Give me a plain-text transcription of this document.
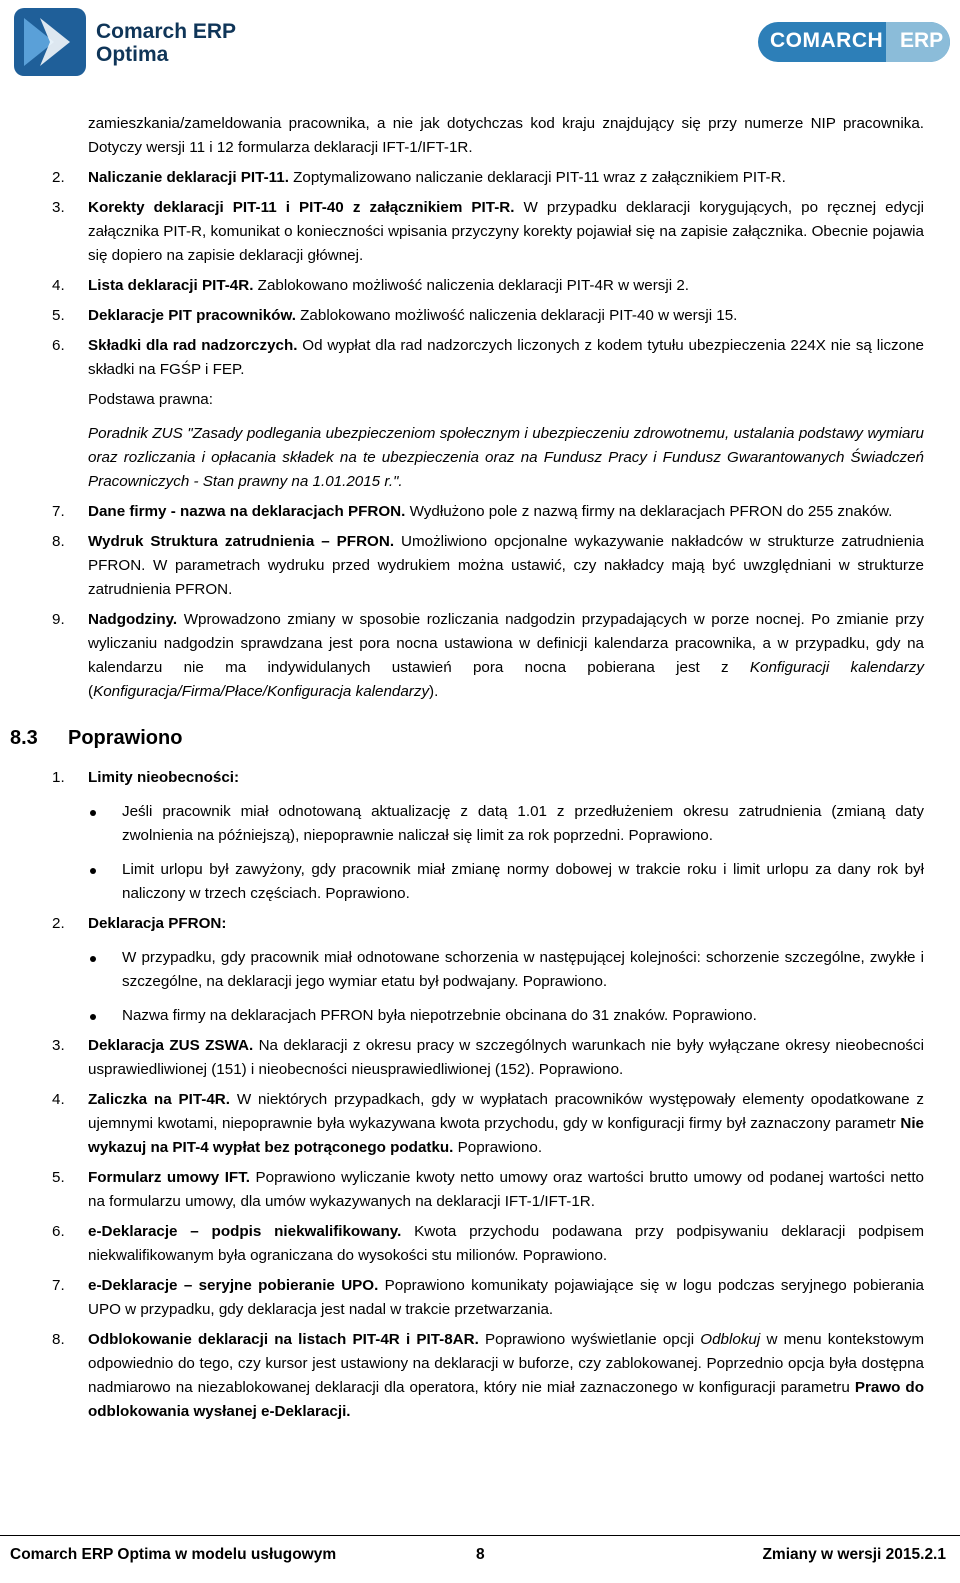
Comarch ERP
Optima
COMARCH ERP

zamieszkania/zameldowania pracownika, a nie jak dotychczas kod kraju znajdujący się przy numerze NIP pracownika. Dotyczy wersji 11 i 12 formularza deklaracji IFT-1/IFT-1R.

2. Naliczanie deklaracji PIT-11. Zoptymalizowano naliczanie deklaracji PIT-11 wraz z załącznikiem PIT-R.

3. Korekty deklaracji PIT-11 i PIT-40 z załącznikiem PIT-R. W przypadku deklaracji korygujących, po ręcznej edycji załącznika PIT-R, komunikat o konieczności wpisania przyczyny korekty pojawiał się na zapisie załącznika. Obecnie pojawia się dopiero na zapisie deklaracji głównej.

4. Lista deklaracji PIT-4R. Zablokowano możliwość naliczenia deklaracji PIT-4R w wersji 2.

5. Deklaracje PIT pracowników. Zablokowano możliwość naliczenia deklaracji PIT-40 w wersji 15.

6. Składki dla rad nadzorczych. Od wypłat dla rad nadzorczych liczonych z kodem tytułu ubezpieczenia 224X nie są liczone składki na FGŚP i FEP.

Podstawa prawna:

Poradnik ZUS "Zasady podlegania ubezpieczeniom społecznym i ubezpieczeniu zdrowotnemu, ustalania podstawy wymiaru oraz rozliczania i opłacania składek na te ubezpieczenia oraz na Fundusz Pracy i Fundusz Gwarantowanych Świadczeń Pracowniczych - Stan prawny na 1.01.2015 r.".

7. Dane firmy - nazwa na deklaracjach PFRON. Wydłużono pole z nazwą firmy na deklaracjach PFRON do 255 znaków.

8. Wydruk Struktura zatrudnienia – PFRON. Umożliwiono opcjonalne wykazywanie nakładców w strukturze zatrudnienia PFRON. W parametrach wydruku przed wydrukiem można ustawić, czy nakładcy mają być uwzględniani w strukturze zatrudnienia PFRON.

9. Nadgodziny. Wprowadzono zmiany w sposobie rozliczania nadgodzin przypadających w porze nocnej. Po zmianie przy wyliczaniu nadgodzin sprawdzana jest pora nocna ustawiona w definicji kalendarza pracownika, a w przypadku, gdy na kalendarzu nie ma indywidulanych ustawień pora nocna pobierana jest z Konfiguracji kalendarzy (Konfiguracja/Firma/Płace/Konfiguracja kalendarzy).

8.3 Poprawiono

1. Limity nieobecności:

Jeśli pracownik miał odnotowaną aktualizację z datą 1.01 z przedłużeniem okresu zatrudnienia (zmianą daty zwolnienia na późniejszą), niepoprawnie naliczał się limit za rok poprzedni. Poprawiono.

Limit urlopu był zawyżony, gdy pracownik miał zmianę normy dobowej w trakcie roku i limit urlopu za dany rok był naliczony w trzech częściach. Poprawiono.

2. Deklaracja PFRON:

W przypadku, gdy pracownik miał odnotowane schorzenia w następującej kolejności: schorzenie szczególne, zwykłe i szczególne, na deklaracji jego wymiar etatu był podwajany. Poprawiono.

Nazwa firmy na deklaracjach PFRON była niepotrzebnie obcinana do 31 znaków. Poprawiono.

3. Deklaracja ZUS ZSWA. Na deklaracji z okresu pracy w szczególnych warunkach nie były wyłączane okresy nieobecności usprawiedliwionej (151) i nieobecności nieusprawiedliwionej (152). Poprawiono.

4. Zaliczka na PIT-4R. W niektórych przypadkach, gdy w wypłatach pracowników występowały elementy opodatkowane z ujemnymi kwotami, niepoprawnie była wykazywana kwota przychodu, gdy w konfiguracji firmy był zaznaczony parametr Nie wykazuj na PIT-4 wypłat bez potrąconego podatku. Poprawiono.

5. Formularz umowy IFT. Poprawiono wyliczanie kwoty netto umowy oraz wartości brutto umowy od podanej wartości netto na formularzu umowy, dla umów wykazywanych na deklaracji IFT-1/IFT-1R.

6. e-Deklaracje – podpis niekwalifikowany. Kwota przychodu podawana przy podpisywaniu deklaracji podpisem niekwalifikowanym była ograniczana do wysokości stu milionów. Poprawiono.

7. e-Deklaracje – seryjne pobieranie UPO. Poprawiono komunikaty pojawiające się w logu podczas seryjnego pobierania UPO w przypadku, gdy deklaracja jest nadal w trakcie przetwarzania.

8. Odblokowanie deklaracji na listach PIT-4R i PIT-8AR. Poprawiono wyświetlanie opcji Odblokuj w menu kontekstowym odpowiednio do tego, czy kursor jest ustawiony na deklaracji w buforze, czy zablokowanej. Poprzednio opcja była dostępna nadmiarowo na niezablokowanej deklaracji dla operatora, który nie miał zaznaczonego w konfiguracji parametru Prawo do odblokowania wysłanej e-Deklaracji.

Comarch ERP Optima w modelu usługowym	8	Zmiany w wersji 2015.2.1
